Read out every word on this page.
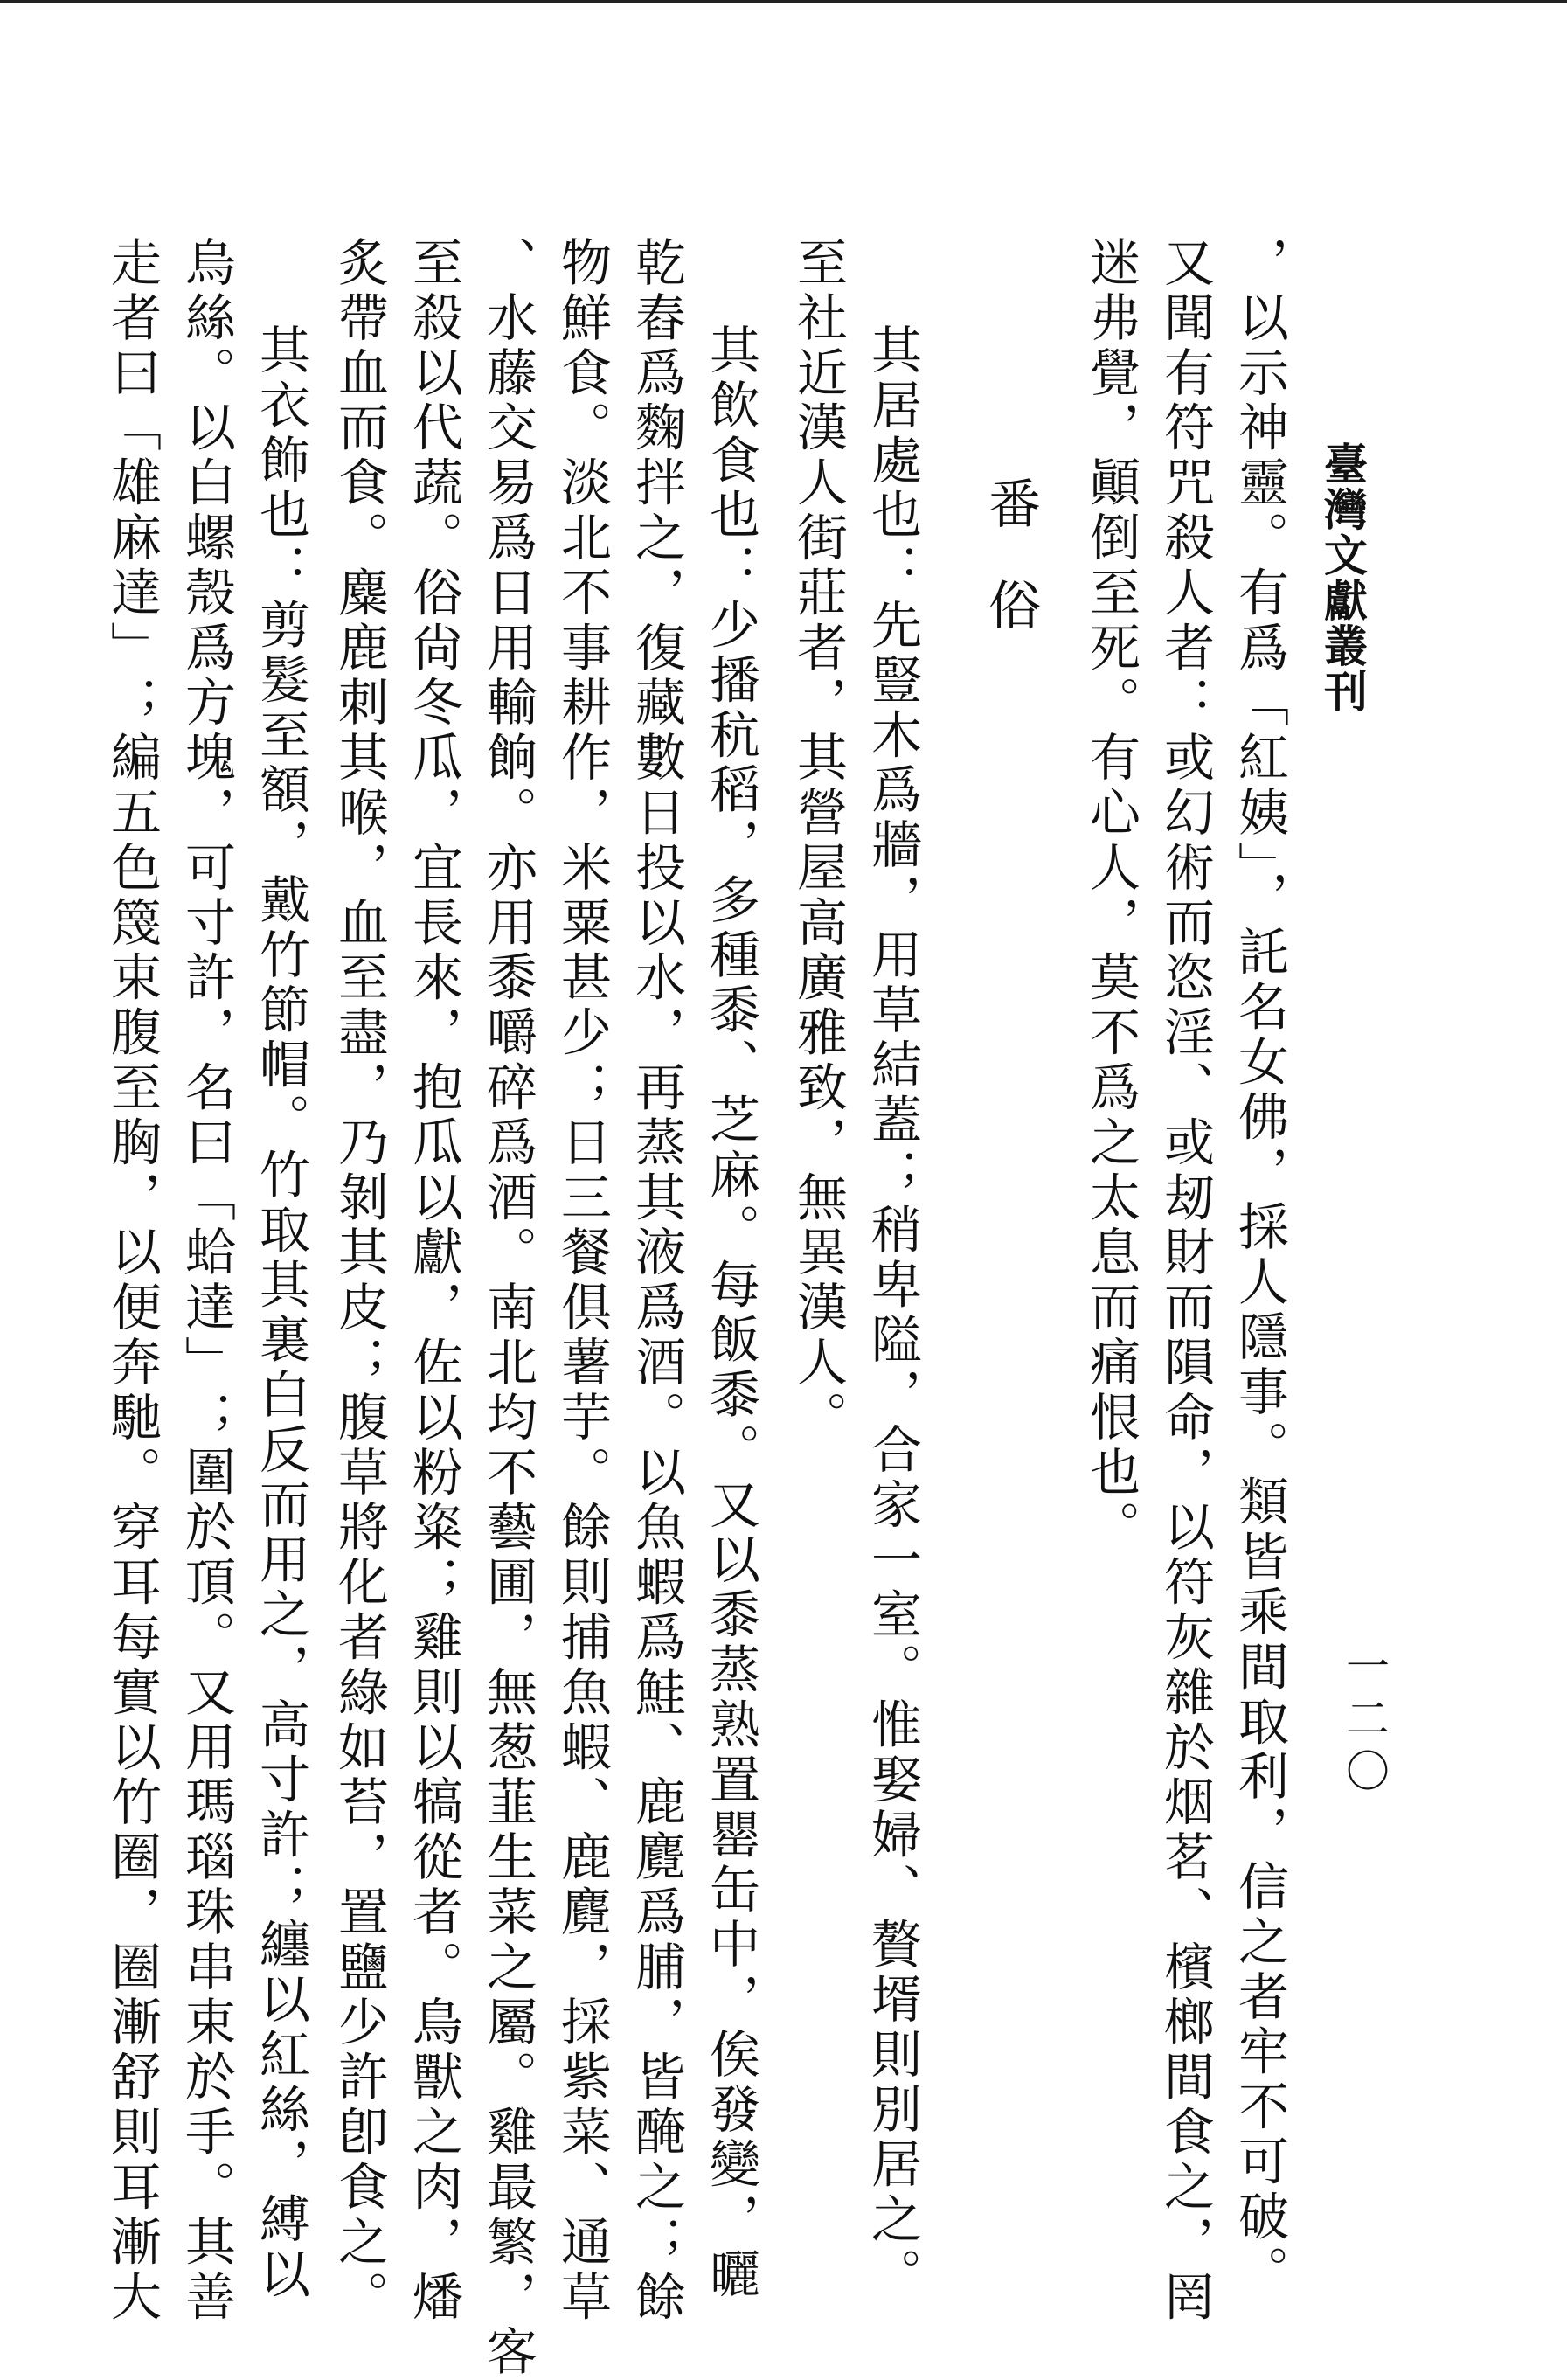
臺灣文獻叢刊
一二〇
番俗	，以示神靈。有爲「紅姨」，託名女佛，採人隱事。類皆乘間取利，信之者牢不可破。
又聞有符咒殺人者：或幻術而恣淫、或刼財而隕命，以符灰雜於烟茗、檳榔間食之，罔
迷弗覺，顚倒至死。有心人，莫不爲之太息而痛恨也。
其居處也：先豎木爲牆，用草結蓋；稍卑隘，合家一室。惟娶婦、贅壻則別居之。
至社近漢人街莊者，其營屋高廣雅致，無異漢人。
其飲食也：少播秔稻，多種黍、芝麻。每飯黍。又以黍蒸熟置罌缶中，俟發變，曬
乾舂爲麴拌之，復藏數日投以水，再蒸其液爲酒。以魚蝦爲鮭、鹿麑爲脯，皆醃之；餘
物鮮食。淡北不事耕作，米粟甚少；日三餐俱薯芋。餘則捕魚蝦、鹿麑，採紫菜、通草
、水藤交易爲日用輸餉。亦用黍嚼碎爲酒。南北均不藝圃，無葱韮生菜之屬。雞最繁，客
至殺以代蔬。俗尙冬瓜，宜長來，抱瓜以獻，佐以粉粢；雞則以犒從者。鳥獸之肉，燔
炙帶血而食。麋鹿刺其喉，血至盡，乃剝其皮；腹草將化者綠如苔，置鹽少許卽食之。
其衣飾也：剪髮至額，戴竹節帽。竹取其裏白反而用之，高寸許；纏以紅絲，縛以
烏絲。以白螺殼爲方塊，可寸許，名曰「蛤達」；圍於頂。又用瑪瑙珠串束於手。其善
走者曰「雄麻達」；編五色篾束腹至胸，以便奔馳。穿耳每實以竹圈，圈漸舒則耳漸大
